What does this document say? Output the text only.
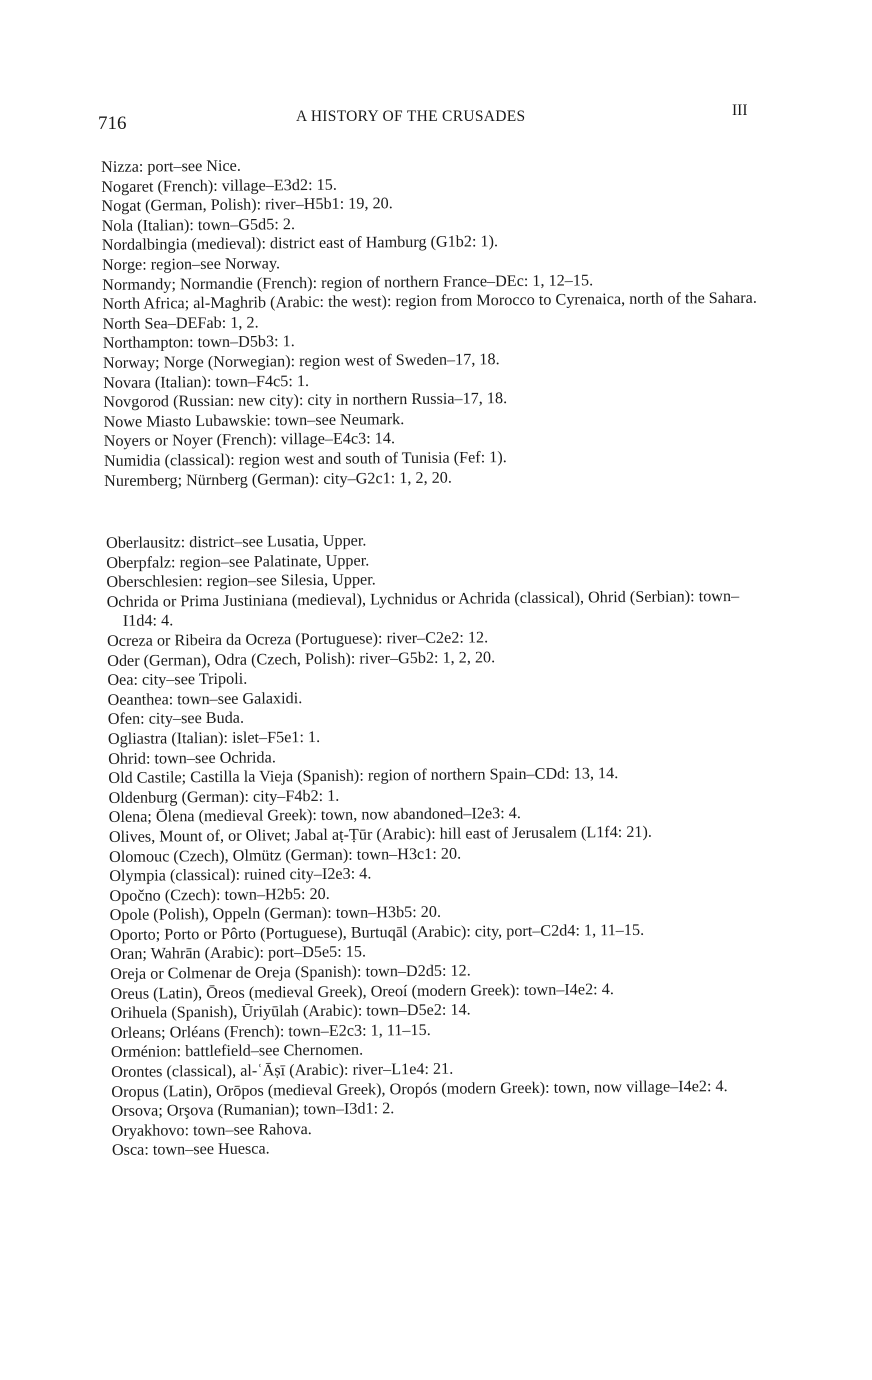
716	A HISTORY OF THE CRUSADES	III
Nizza: port–see Nice.
Nogaret (French): village–E3d2: 15.
Nogat (German, Polish): river–H5b1: 19, 20.
Nola (Italian): town–G5d5: 2.
Nordalbingia (medieval): district east of Hamburg (G1b2: 1).
Norge: region–see Norway.
Normandy; Normandie (French): region of northern France–DEc: 1, 12–15.
North Africa; al-Maghrib (Arabic: the west): region from Morocco to Cyrenaica, north of the Sahara.
North Sea–DEFab: 1, 2.
Northampton: town–D5b3: 1.
Norway; Norge (Norwegian): region west of Sweden–17, 18.
Novara (Italian): town–F4c5: 1.
Novgorod (Russian: new city): city in northern Russia–17, 18.
Nowe Miasto Lubawskie: town–see Neumark.
Noyers or Noyer (French): village–E4c3: 14.
Numidia (classical): region west and south of Tunisia (Fef: 1).
Nuremberg; Nürnberg (German): city–G2c1: 1, 2, 20.
Oberlausitz: district–see Lusatia, Upper.
Oberpfalz: region–see Palatinate, Upper.
Oberschlesien: region–see Silesia, Upper.
Ochrida or Prima Justiniana (medieval), Lychnidus or Achrida (classical), Ohrid (Serbian): town–I1d4: 4.
Ocreza or Ribeira da Ocreza (Portuguese): river–C2e2: 12.
Oder (German), Odra (Czech, Polish): river–G5b2: 1, 2, 20.
Oea: city–see Tripoli.
Oeanthea: town–see Galaxidi.
Ofen: city–see Buda.
Ogliastra (Italian): islet–F5e1: 1.
Ohrid: town–see Ochrida.
Old Castile; Castilla la Vieja (Spanish): region of northern Spain–CDd: 13, 14.
Oldenburg (German): city–F4b2: 1.
Olena; Ōlena (medieval Greek): town, now abandoned–I2e3: 4.
Olives, Mount of, or Olivet; Jabal aṭ-Ṭūr (Arabic): hill east of Jerusalem (L1f4: 21).
Olomouc (Czech), Olmütz (German): town–H3c1: 20.
Olympia (classical): ruined city–I2e3: 4.
Opočno (Czech): town–H2b5: 20.
Opole (Polish), Oppeln (German): town–H3b5: 20.
Oporto; Porto or Pôrto (Portuguese), Burtuqāl (Arabic): city, port–C2d4: 1, 11–15.
Oran; Wahrān (Arabic): port–D5e5: 15.
Oreja or Colmenar de Oreja (Spanish): town–D2d5: 12.
Oreus (Latin), Ōreos (medieval Greek), Oreoí (modern Greek): town–I4e2: 4.
Orihuela (Spanish), Ūriyūlah (Arabic): town–D5e2: 14.
Orleans; Orléans (French): town–E2c3: 1, 11–15.
Orménion: battlefield–see Chernomen.
Orontes (classical), al-ʿĀṣī (Arabic): river–L1e4: 21.
Oropus (Latin), Orōpos (medieval Greek), Oropós (modern Greek): town, now village–I4e2: 4.
Orsova; Orşova (Rumanian); town–I3d1: 2.
Oryakhovo: town–see Rahova.
Osca: town–see Huesca.
